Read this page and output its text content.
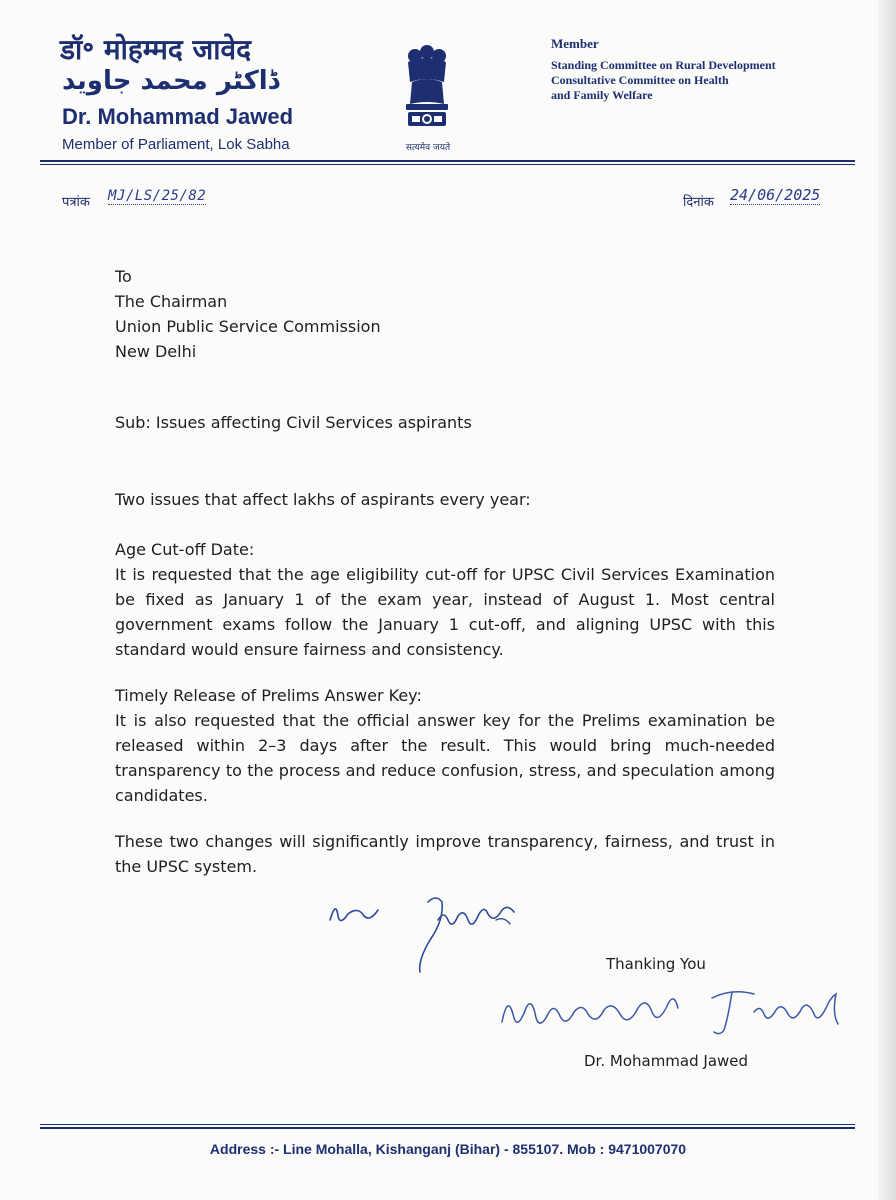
डॉ॰ मोहम्मद जावेद
ڈاکٹر محمد جاوید
Dr. Mohammad Jawed
Member of Parliament, Lok Sabha	सत्यमेव जयते
Member
Standing Committee on Rural Development
Consultative Committee on Health
and Family Welfare
पत्रांक MJ/LS/25/82	दिनांक 24/06/2025
To
The Chairman
Union Public Service Commission
New Delhi
Sub: Issues affecting Civil Services aspirants
Two issues that affect lakhs of aspirants every year:
Age Cut-off Date:
It is requested that the age eligibility cut-off for UPSC Civil Services Examination be fixed as January 1 of the exam year, instead of August 1. Most central government exams follow the January 1 cut-off, and aligning UPSC with this standard would ensure fairness and consistency.
Timely Release of Prelims Answer Key:
It is also requested that the official answer key for the Prelims examination be released within 2–3 days after the result. This would bring much-needed transparency to the process and reduce confusion, stress, and speculation among candidates.
These two changes will significantly improve transparency, fairness, and trust in the UPSC system.
Thanking You
Dr. Mohammad Jawed
Address :- Line Mohalla, Kishanganj (Bihar) - 855107. Mob : 9471007070
